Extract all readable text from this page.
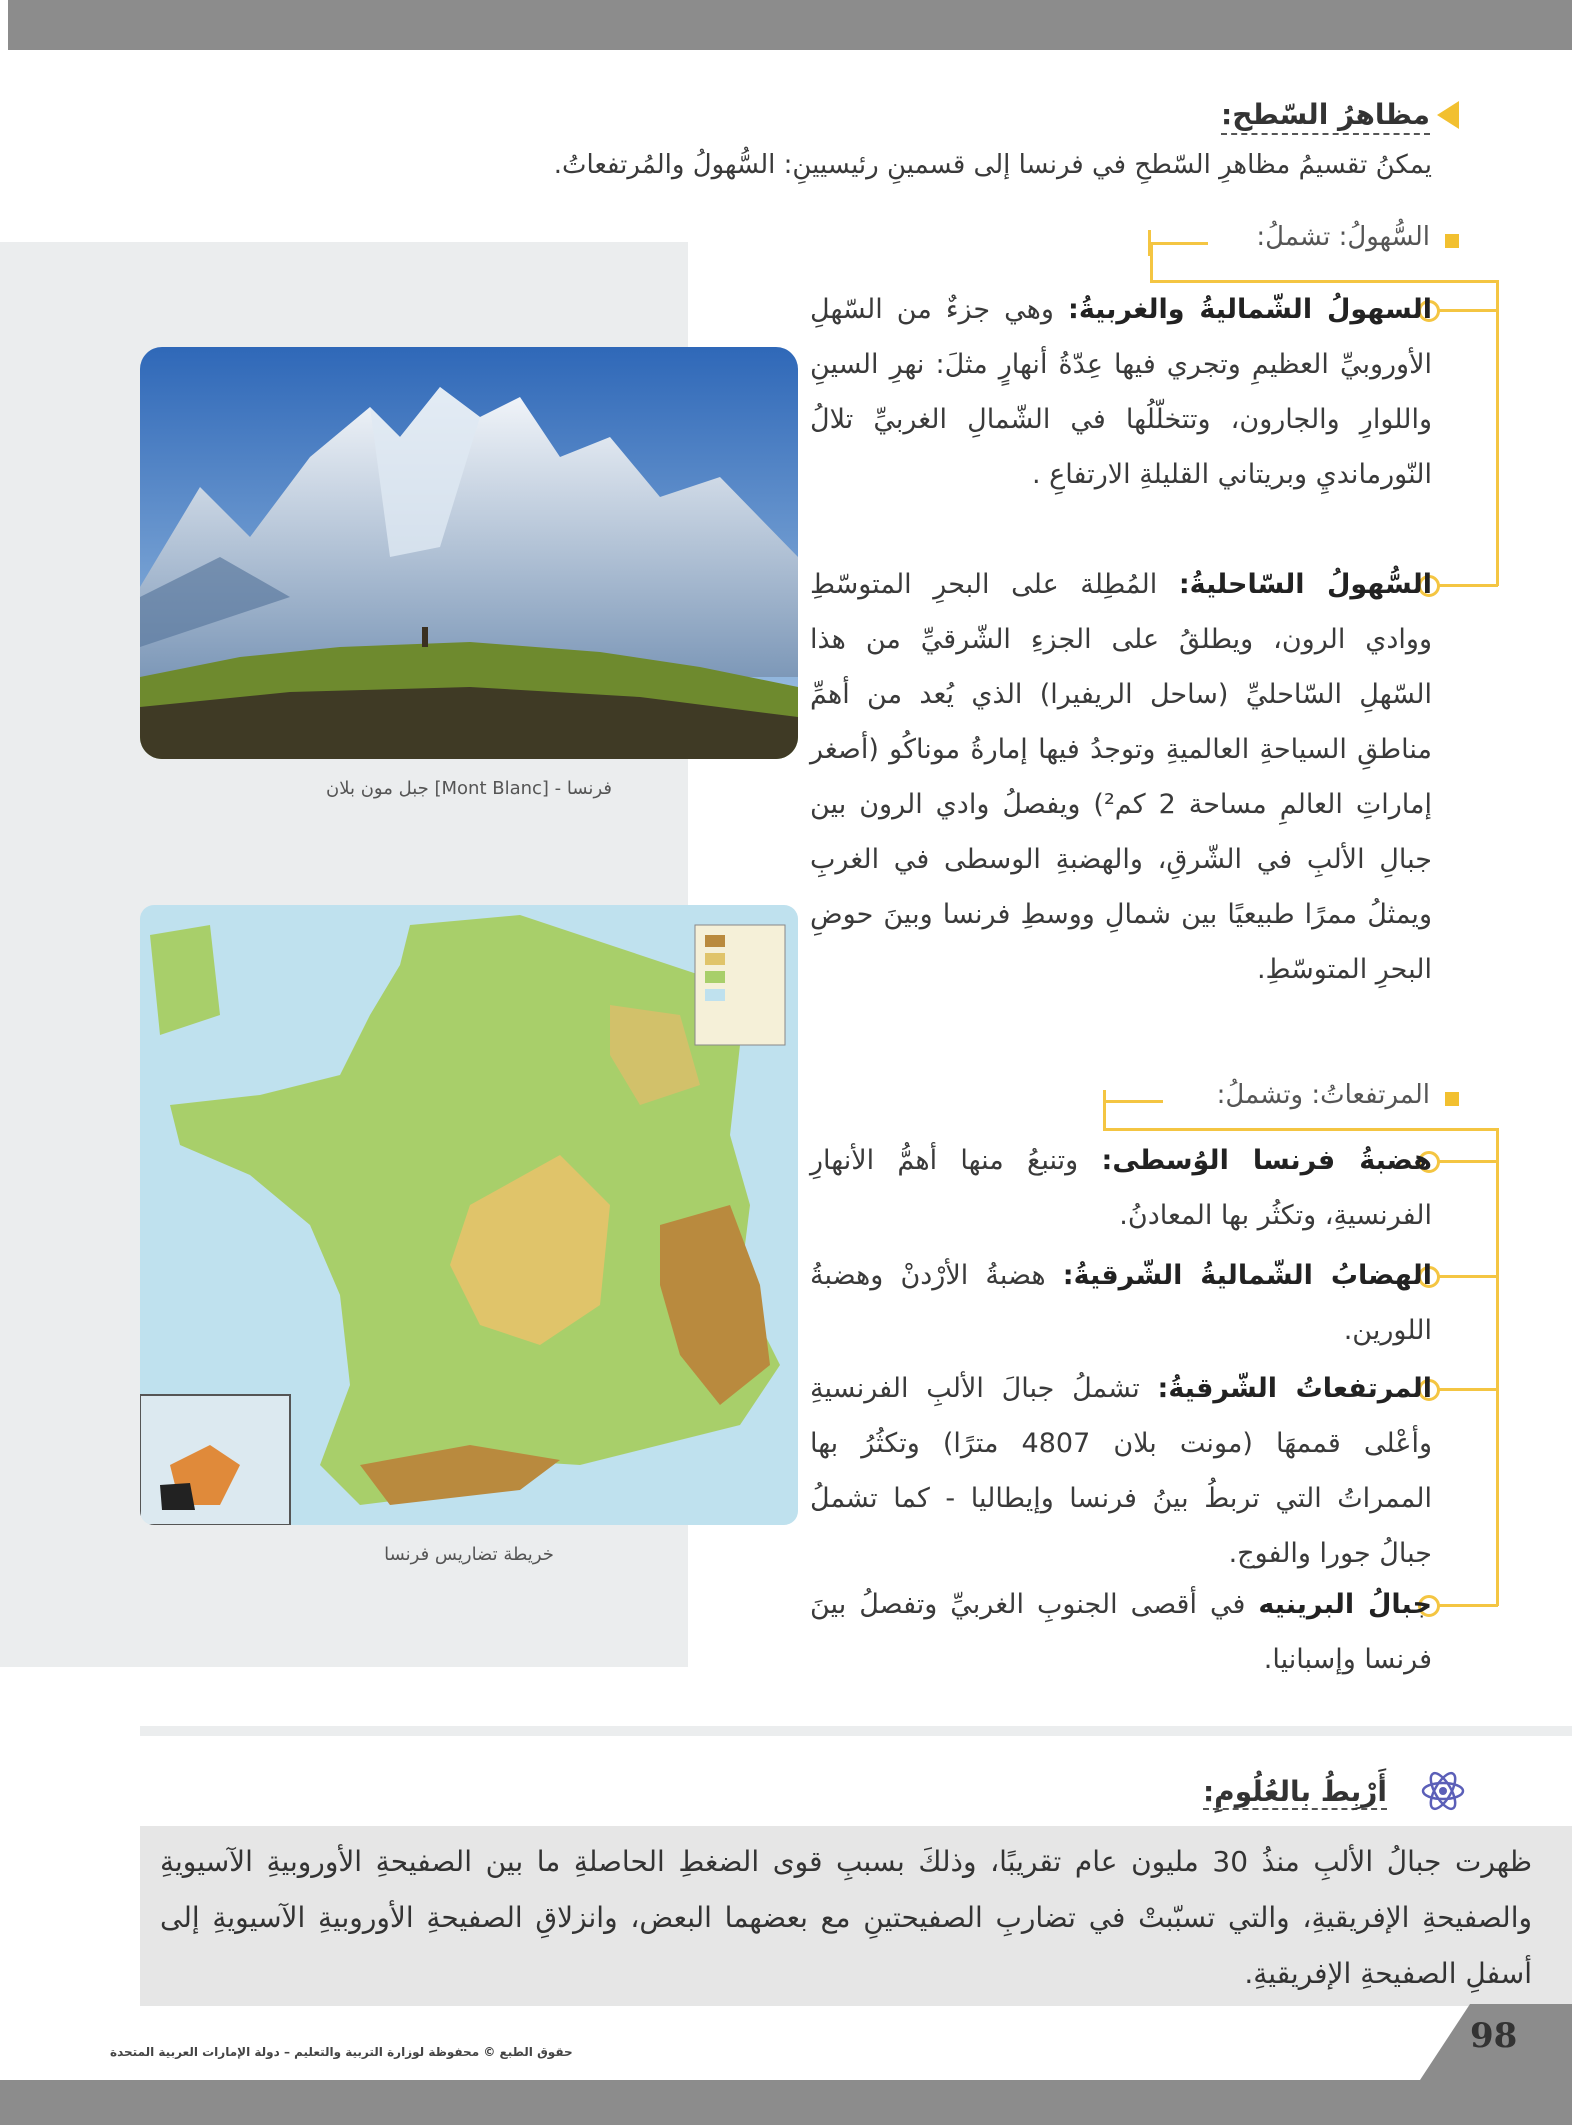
مظاهرُ السّطح:
يمكنُ تقسيمُ مظاهرِ السّطحِ في فرنسا إلى قسمينِ رئيسيينِ: السُّهولُ والمُرتفعاتُ.
السُّهولُ: تشملُ:
السهولُ الشّماليةُ والغربيةُ: وهي جزءٌ من السّهلِ الأوروبيِّ العظيمِ وتجري فيها عِدّةُ أنهارٍ مثلَ: نهرِ السينِ واللوارِ والجارون، وتتخلّلُها في الشّمالِ الغربيِّ تلالُ النّورمانديِ وبريتاني القليلةِ الارتفاعِ .
السُّهولُ السّاحليةُ: المُطِلة على البحرِ المتوسّطِ ووادي الرون، ويطلقُ على الجزءِ الشّرقيِّ من هذا السّهلِ السّاحليِّ (ساحل الريفيرا) الذي يُعد من أهمِّ مناطقِ السياحةِ العالميةِ وتوجدُ فيها إمارةُ موناكُو (أصغر إماراتِ العالمِ مساحة 2 كم²) ويفصلُ وادي الرون بين جبالِ الألبِ في الشّرقِ، والهضبةِ الوسطى في الغربِ ويمثلُ ممرًا طبيعيًا بين شمالِ ووسطِ فرنسا وبينَ حوضِ البحرِ المتوسّطِ.
المرتفعاتُ: وتشملُ:
هضبةُ فرنسا الوُسطى: وتنبعُ منها أهمُّ الأنهارِ الفرنسيةِ، وتكثُر بها المعادنُ.
الهضابُ الشّماليةُ الشّرقيةُ: هضبةُ الأرْدنْ وهضبةُ اللورين.
المرتفعاتُ الشّرقيةُ: تشملُ جبالَ الألبِ الفرنسيةِ وأعْلى قممهَا (مونت بلان 4807 مترًا) وتكثُرُ بها الممراتُ التي تربطُ بينُ فرنسا وإيطاليا - كما تشملُ جبالُ جورا والفوج.
جبالُ البرينيه في أقصى الجنوبِ الغربيِّ وتفصلُ بينَ فرنسا وإسبانيا.
جبل مون بلان [Mont Blanc] - فرنسا
خريطة تضاريس فرنسا
أَرْبِطُ بالعُلُومِ:
ظهرت جبالُ الألبِ منذُ 30 مليون عام تقريبًا، وذلكَ بسببِ قوى الضغطِ الحاصلةِ ما بين الصفيحةِ الأوروبيةِ الآسيويةِ والصفيحةِ الإفريقيةِ، والتي تسبّبتْ في تضاربِ الصفيحتينِ مع بعضهما البعض، وانزلاقِ الصفيحةِ الأوروبيةِ الآسيويةِ إلى أسفلِ الصفيحةِ الإفريقيةِ.
98
حقوق الطبع © محفوظة لوزارة التربية والتعليم – دولة الإمارات العربية المتحدة
